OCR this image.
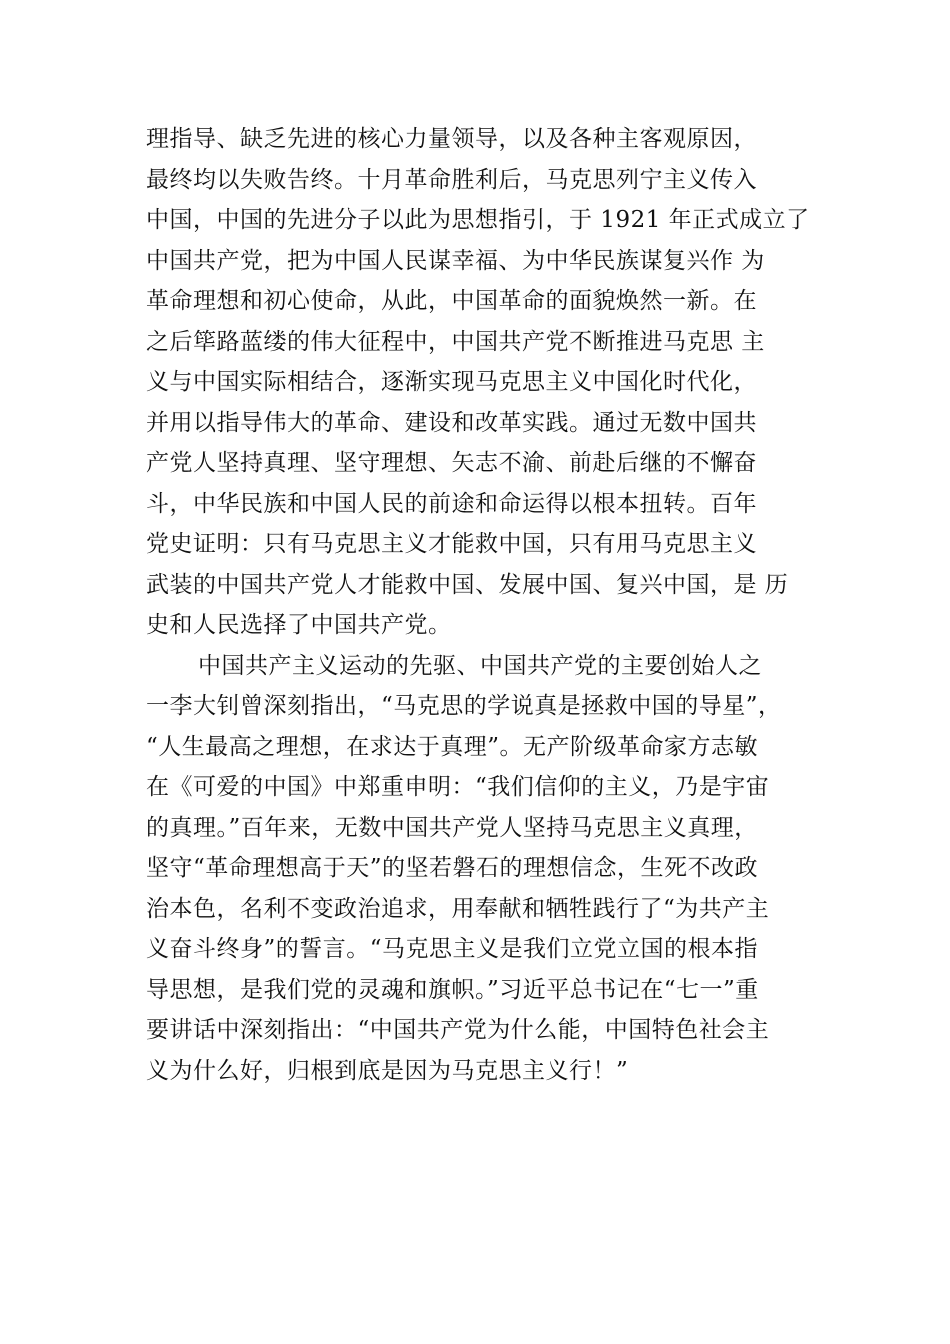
理指导、缺乏先进的核心力量领导，以及各种主客观原因，

最终均以失败告终。十月革命胜利后，马克思列宁主义传入

中国，中国的先进分子以此为思想指引，于 1921 年正式成立了

中国共产党，把为中国人民谋幸福、为中华民族谋复兴作 为

革命理想和初心使命，从此，中国革命的面貌焕然一新。在

之后筚路蓝缕的伟大征程中，中国共产党不断推进马克思 主

义与中国实际相结合，逐渐实现马克思主义中国化时代化，

并用以指导伟大的革命、建设和改革实践。通过无数中国共

产党人坚持真理、坚守理想、矢志不渝、前赴后继的不懈奋

斗，中华民族和中国人民的前途和命运得以根本扭转。百年

党史证明：只有马克思主义才能救中国，只有用马克思主义

武装的中国共产党人才能救中国、发展中国、复兴中国，是 历

史和人民选择了中国共产党。

中国共产主义运动的先驱、中国共产党的主要创始人之

一李大钊曾深刻指出，“马克思的学说真是拯救中国的导星”，

“人生最高之理想，在求达于真理”。无产阶级革命家方志敏

在《可爱的中国》中郑重申明：“我们信仰的主义，乃是宇宙

的真理。”百年来，无数中国共产党人坚持马克思主义真理，

坚守“革命理想高于天”的坚若磐石的理想信念，生死不改政

治本色，名利不变政治追求，用奉献和牺牲践行了“为共产主

义奋斗终身”的誓言。“马克思主义是我们立党立国的根本指

导思想，是我们党的灵魂和旗帜。”习近平总书记在“七一”重

要讲话中深刻指出：“中国共产党为什么能，中国特色社会主

义为什么好，归根到底是因为马克思主义行！”
